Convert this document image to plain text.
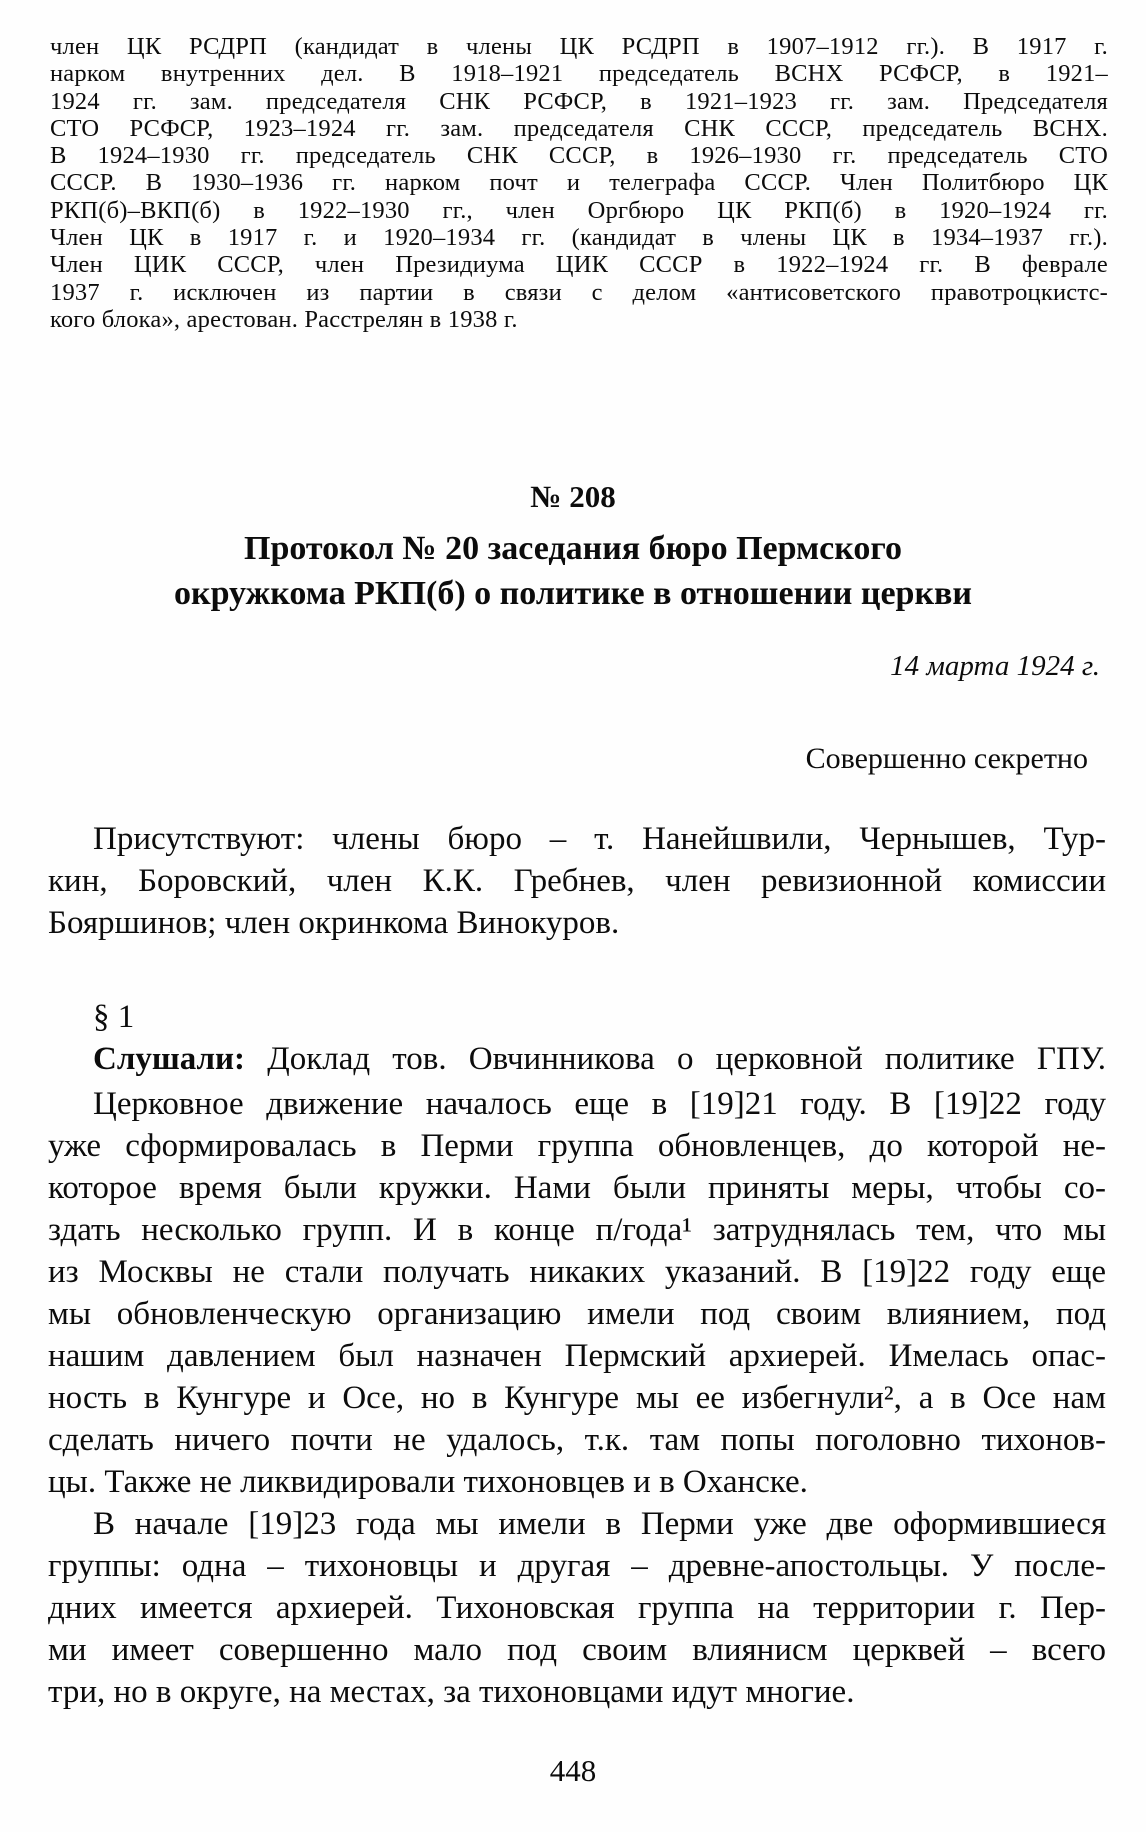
член ЦК РСДРП (кандидат в члены ЦК РСДРП в 1907–1912 гг.). В 1917 г.
нарком внутренних дел. В 1918–1921 председатель ВСНХ РСФСР, в 1921–
1924 гг. зам. председателя СНК РСФСР, в 1921–1923 гг. зам. Председателя
СТО РСФСР, 1923–1924 гг. зам. председателя СНК СССР, председатель ВСНХ.
В 1924–1930 гг. председатель СНК СССР, в 1926–1930 гг. председатель СТО
СССР. В 1930–1936 гг. нарком почт и телеграфа СССР. Член Политбюро ЦК
РКП(б)–ВКП(б) в 1922–1930 гг., член Оргбюро ЦК РКП(б) в 1920–1924 гг.
Член ЦК в 1917 г. и 1920–1934 гг. (кандидат в члены ЦК в 1934–1937 гг.).
Член ЦИК СССР, член Президиума ЦИК СССР в 1922–1924 гг. В феврале
1937 г. исключен из партии в связи с делом «антисоветского правотроцкистс-
кого блока», арестован. Расстрелян в 1938 г.
№ 208
Протокол № 20 заседания бюро Пермского
окружкома РКП(б) о политике в отношении церкви
14 марта 1924 г.
Совершенно секретно
Присутствуют: члены бюро – т. Нанейшвили, Чернышев, Тур-
кин, Боровский, член К.К. Гребнев, член ревизионной комиссии
Бояршинов; член окринкома Винокуров.
§ 1
Слушали: Доклад тов. Овчинникова о церковной политике ГПУ.
Церковное движение началось еще в [19]21 году. В [19]22 году
уже сформировалась в Перми группа обновленцев, до которой не-
которое время были кружки. Нами были приняты меры, чтобы со-
здать несколько групп. И в конце п/года¹ затруднялась тем, что мы
из Москвы не стали получать никаких указаний. В [19]22 году еще
мы обновленческую организацию имели под своим влиянием, под
нашим давлением был назначен Пермский архиерей. Имелась опас-
ность в Кунгуре и Осе, но в Кунгуре мы ее избегнули², а в Осе нам
сделать ничего почти не удалось, т.к. там попы поголовно тихонов-
цы. Также не ликвидировали тихоновцев и в Оханске.
В начале [19]23 года мы имели в Перми уже две оформившиеся
группы: одна – тихоновцы и другая – древне-апостольцы. У после-
дних имеется архиерей. Тихоновская группа на территории г. Пер-
ми имеет совершенно мало под своим влиянисм церквей – всего
три, но в округе, на местах, за тихоновцами идут многие.
448
